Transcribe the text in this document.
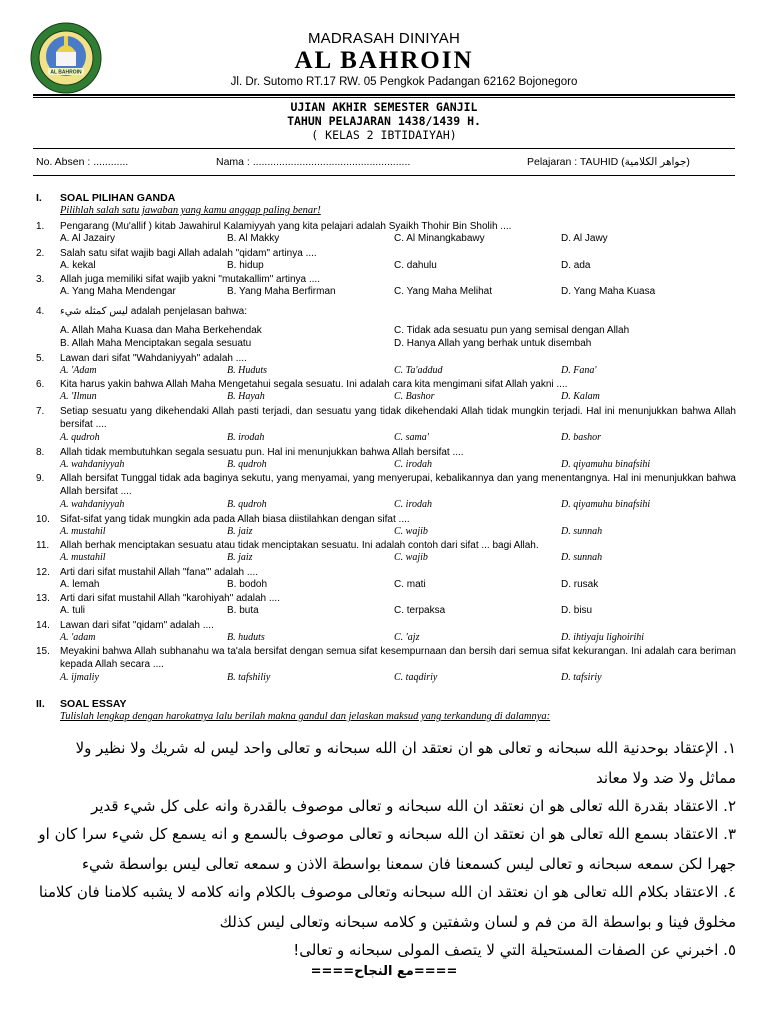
AL BAHROIN
MADRASAH DINIYAH
AL BAHROIN
Jl. Dr. Sutomo RT.17 RW. 05 Pengkok Padangan 62162 Bojonegoro
UJIAN AKHIR SEMESTER GANJIL
TAHUN PELAJARAN 1438/1439 H.
( KELAS 2 IBTIDAIYAH)
No. Absen : ............	Nama : ......................................................	Pelajaran : TAUHID (جواهر الكلامية)
I. SOAL PILIHAN GANDA
Pilihlah salah satu jawaban yang kamu anggap paling benar!
1.	Pengarang (Mu'allif ) kitab Jawahirul Kalamiyyah yang kita pelajari adalah Syaikh Thohir Bin Sholih ....
A. Al Jazairy	B. Al Makky	C. Al Minangkabawy	D. Al Jawy
2.	Salah satu sifat wajib bagi Allah adalah "qidam" artinya ....
A. kekal	B. hidup	C. dahulu	D. ada
3.	Allah juga memiliki sifat wajib yakni "mutakallim" artinya ....
A. Yang Maha Mendengar	B. Yang Maha Berfirman	C. Yang Maha Melihat	D. Yang Maha Kuasa
4.	ليس كمثله شيء adalah penjelasan bahwa:
A. Allah Maha Kuasa dan Maha Berkehendak	C. Tidak ada sesuatu pun yang semisal dengan Allah
B. Allah Maha Menciptakan segala sesuatu	D. Hanya Allah yang berhak untuk disembah
5.	Lawan dari sifat "Wahdaniyyah" adalah ....
A. 'Adam	B. Huduts	C. Ta'addud	D. Fana'
6.	Kita harus yakin bahwa Allah Maha Mengetahui segala sesuatu. Ini adalah cara kita mengimani sifat Allah yakni ....
A. 'Ilmun	B. Hayah	C. Bashor	D. Kalam
7.	Setiap sesuatu yang dikehendaki Allah pasti terjadi, dan sesuatu yang tidak dikehendaki Allah tidak mungkin terjadi. Hal ini menunjukkan bahwa Allah bersifat ....
A. qudroh	B. irodah	C. sama'	D. bashor
8.	Allah tidak membutuhkan segala sesuatu pun. Hal ini menunjukkan bahwa Allah bersifat ....
A. wahdaniyyah	B. qudroh	C. irodah	D. qiyamuhu binafsihi
9.	Allah bersifat Tunggal tidak ada baginya sekutu, yang menyamai, yang menyerupai, kebalikannya dan yang menentangnya. Hal ini menunjukkan bahwa Allah bersifat ....
A. wahdaniyyah	B. qudroh	C. irodah	D. qiyamuhu binafsihi
10.	Sifat-sifat yang tidak mungkin ada pada Allah biasa diistilahkan dengan sifat ....
A. mustahil	B. jaiz	C. wajib	D. sunnah
11.	Allah berhak menciptakan sesuatu atau tidak menciptakan sesuatu. Ini adalah contoh dari sifat ... bagi Allah.
A. mustahil	B. jaiz	C. wajib	D. sunnah
12.	Arti dari sifat mustahil Allah "fana'" adalah ....
A. lemah	B. bodoh	C. mati	D. rusak
13.	Arti dari sifat mustahil Allah "karohiyah" adalah ....
A. tuli	B. buta	C. terpaksa	D. bisu
14.	Lawan dari sifat "qidam" adalah ....
A. 'adam	B. huduts	C. 'ajz	D. ihtiyaju lighoirihi
15.	Meyakini bahwa Allah subhanahu wa ta'ala bersifat dengan semua sifat kesempurnaan dan bersih dari semua sifat kekurangan. Ini adalah cara beriman kepada Allah secara ....
A. ijmaliy	B. tafshiliy	C. taqdiriy	D. tafsiriy
II. SOAL ESSAY
Tulislah lengkap dengan harokatnya lalu berilah makna gandul dan jelaskan maksud yang terkandung di dalamnya:
١. الإعتقاد بوحدنية الله سبحانه و تعالى هو ان نعتقد ان الله سبحانه و تعالى واحد ليس له شريك ولا نظير ولا مماثل ولا ضد ولا معاند
٢. الاعتقاد بقدرة الله تعالى هو ان نعتقد ان الله سبحانه و تعالى موصوف بالقدرة وانه على كل شيء قدير
٣. الاعتقاد بسمع الله تعالى هو ان نعتقد ان الله سبحانه و تعالى موصوف بالسمع و انه يسمع كل شيء سرا كان او جهرا لكن سمعه سبحانه و تعالى ليس كسمعنا فان سمعنا بواسطة الاذن و سمعه تعالى ليس بواسطة شيء
٤. الاعتقاد بكلام الله تعالى هو ان نعتقد ان الله سبحانه وتعالى موصوف بالكلام وانه كلامه لا يشبه كلامنا فان كلامنا مخلوق فينا و بواسطة الة من فم و لسان وشفتين و كلامه سبحانه وتعالى ليس كذلك
٥. اخبرني عن الصفات المستحيلة التي لا يتصف المولى سبحانه و تعالى!
====مع النجاح====
